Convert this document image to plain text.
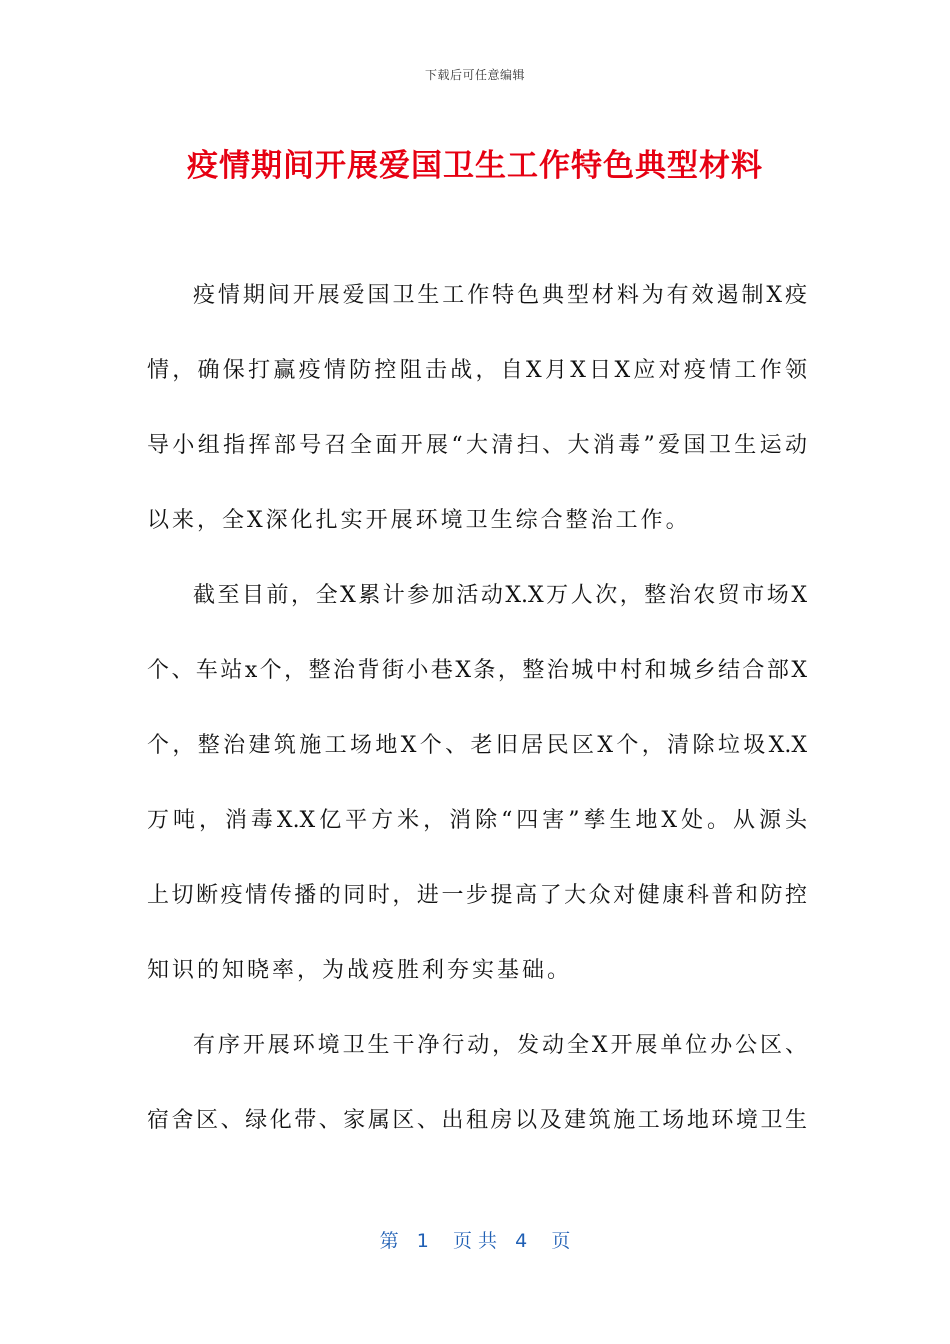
下载后可任意编辑
疫情期间开展爱国卫生工作特色典型材料
疫情期间开展爱国卫生工作特色典型材料为有效遏制X疫
情，确保打赢疫情防控阻击战，自X月X日X应对疫情工作领
导小组指挥部号召全面开展“大清扫、大消毒”爱国卫生运动
以来，全X深化扎实开展环境卫生综合整治工作。
截至目前，全X累计参加活动X.X万人次，整治农贸市场X
个、车站x个，整治背街小巷X条，整治城中村和城乡结合部X
个，整治建筑施工场地X个、老旧居民区X个，清除垃圾X.X
万吨，消毒X.X亿平方米，消除“四害”孳生地X处。从源头
上切断疫情传播的同时，进一步提高了大众对健康科普和防控
知识的知晓率，为战疫胜利夯实基础。
有序开展环境卫生干净行动，发动全X开展单位办公区、
宿舍区、绿化带、家属区、出租房以及建筑施工场地环境卫生
第   1    页 共   4    页
